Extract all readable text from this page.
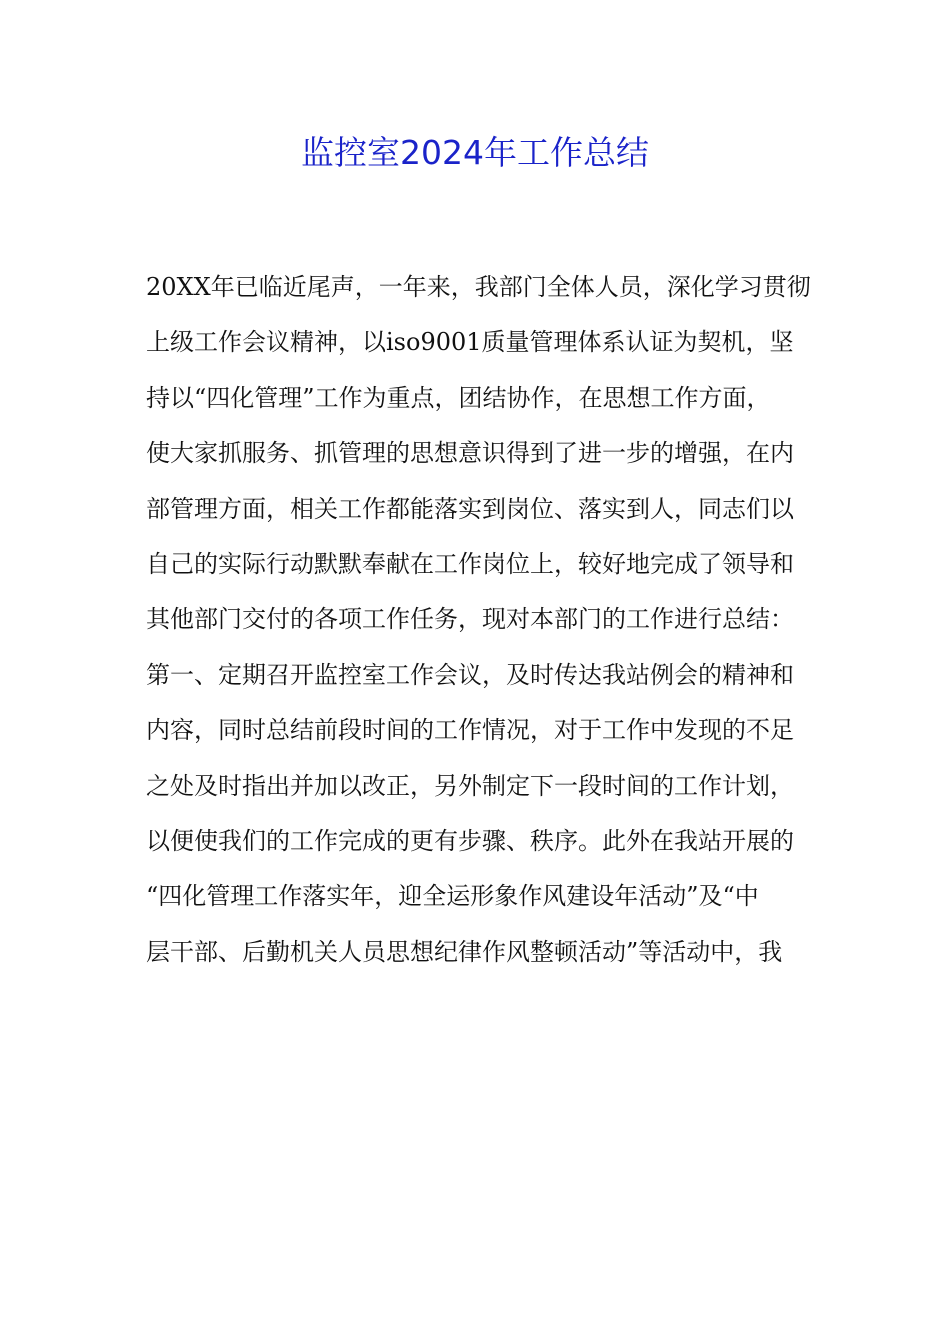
监控室2024年工作总结
20XX年已临近尾声，一年来，我部门全体人员，深化学习贯彻
上级工作会议精神，以iso9001质量管理体系认证为契机，坚
持以“四化管理”工作为重点，团结协作，在思想工作方面，
使大家抓服务、抓管理的思想意识得到了进一步的增强，在内
部管理方面，相关工作都能落实到岗位、落实到人，同志们以
自己的实际行动默默奉献在工作岗位上，较好地完成了领导和
其他部门交付的各项工作任务，现对本部门的工作进行总结：
第一、定期召开监控室工作会议，及时传达我站例会的精神和
内容，同时总结前段时间的工作情况，对于工作中发现的不足
之处及时指出并加以改正，另外制定下一段时间的工作计划，
以便使我们的工作完成的更有步骤、秩序。此外在我站开展的
“四化管理工作落实年，迎全运形象作风建设年活动”及“中
层干部、后勤机关人员思想纪律作风整顿活动”等活动中，我
